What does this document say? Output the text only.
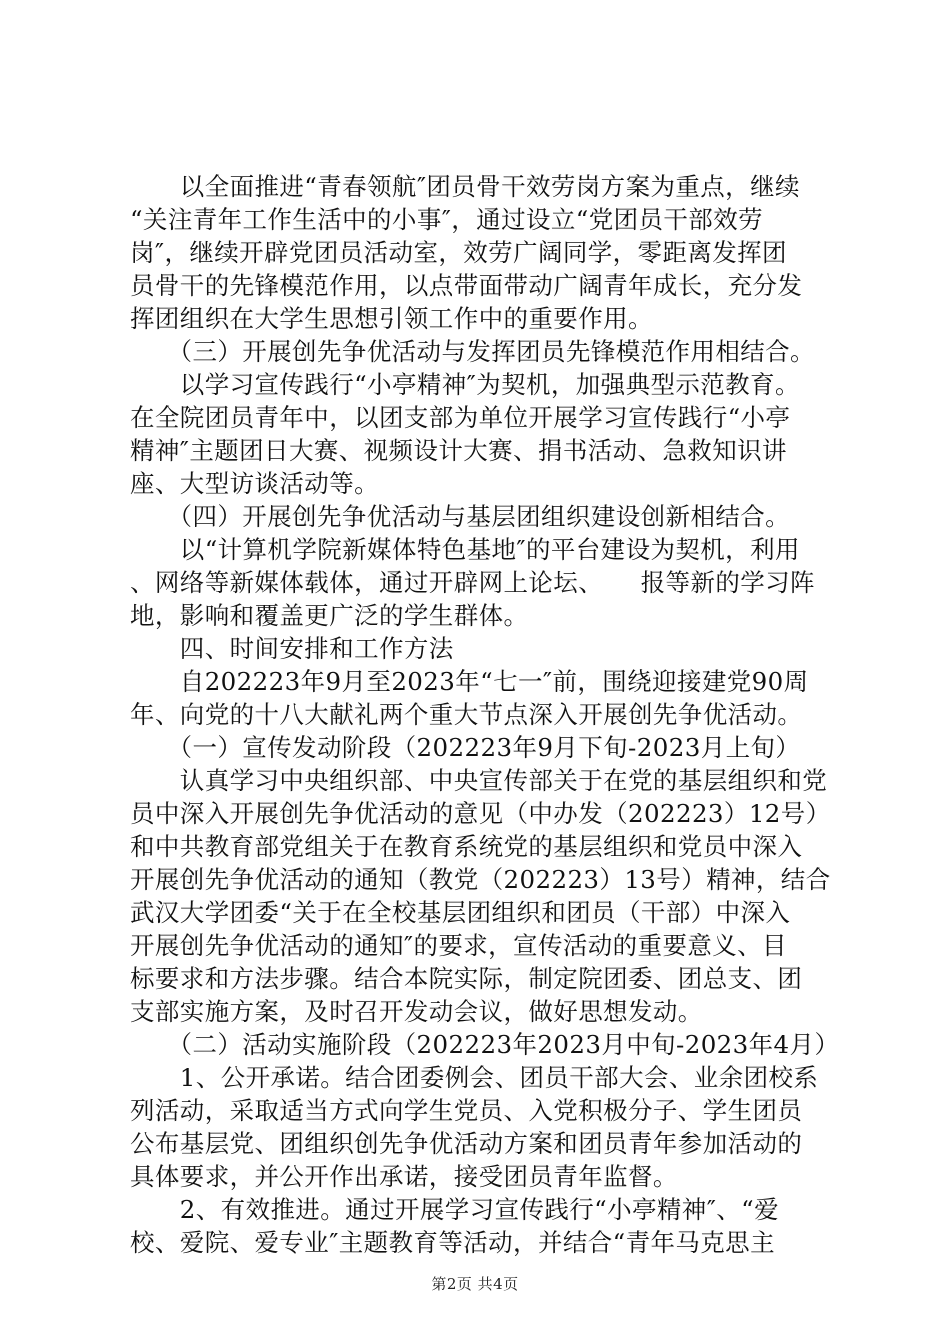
　　以全面推进“青春领航″团员骨干效劳岗方案为重点，继续
“关注青年工作生活中的小事″，通过设立“党团员干部效劳
岗″，继续开辟党团员活动室，效劳广阔同学，零距离发挥团
员骨干的先锋模范作用，以点带面带动广阔青年成长，充分发
挥团组织在大学生思想引领工作中的重要作用。
　　（三）开展创先争优活动与发挥团员先锋模范作用相结合。
　　以学习宣传践行“小亭精神″为契机，加强典型示范教育。
在全院团员青年中，以团支部为单位开展学习宣传践行“小亭
精神″主题团日大赛、视频设计大赛、捐书活动、急救知识讲
座、大型访谈活动等。
　　（四）开展创先争优活动与基层团组织建设创新相结合。
　　以“计算机学院新媒体特色基地″的平台建设为契机，利用
、网络等新媒体载体，通过开辟网上论坛、　　报等新的学习阵
地，影响和覆盖更广泛的学生群体。
　　四、时间安排和工作方法
　　自202223年9月至2023年“七一″前，围绕迎接建党90周
年、向党的十八大献礼两个重大节点深入开展创先争优活动。
　　（一）宣传发动阶段（202223年9月下旬-2023月上旬）
　　认真学习中央组织部、中央宣传部关于在党的基层组织和党
员中深入开展创先争优活动的意见（中办发（202223）12号）
和中共教育部党组关于在教育系统党的基层组织和党员中深入
开展创先争优活动的通知（教党（202223）13号）精神，结合
武汉大学团委“关于在全校基层团组织和团员（干部）中深入
开展创先争优活动的通知″的要求，宣传活动的重要意义、目
标要求和方法步骤。结合本院实际，制定院团委、团总支、团
支部实施方案，及时召开发动会议，做好思想发动。
　　（二）活动实施阶段（202223年2023月中旬-2023年4月）
　　1、公开承诺。结合团委例会、团员干部大会、业余团校系
列活动，采取适当方式向学生党员、入党积极分子、学生团员
公布基层党、团组织创先争优活动方案和团员青年参加活动的
具体要求，并公开作出承诺，接受团员青年监督。
　　2、有效推进。通过开展学习宣传践行“小亭精神″、“爱
校、爱院、爱专业″主题教育等活动，并结合“青年马克思主
第2页 共4页
